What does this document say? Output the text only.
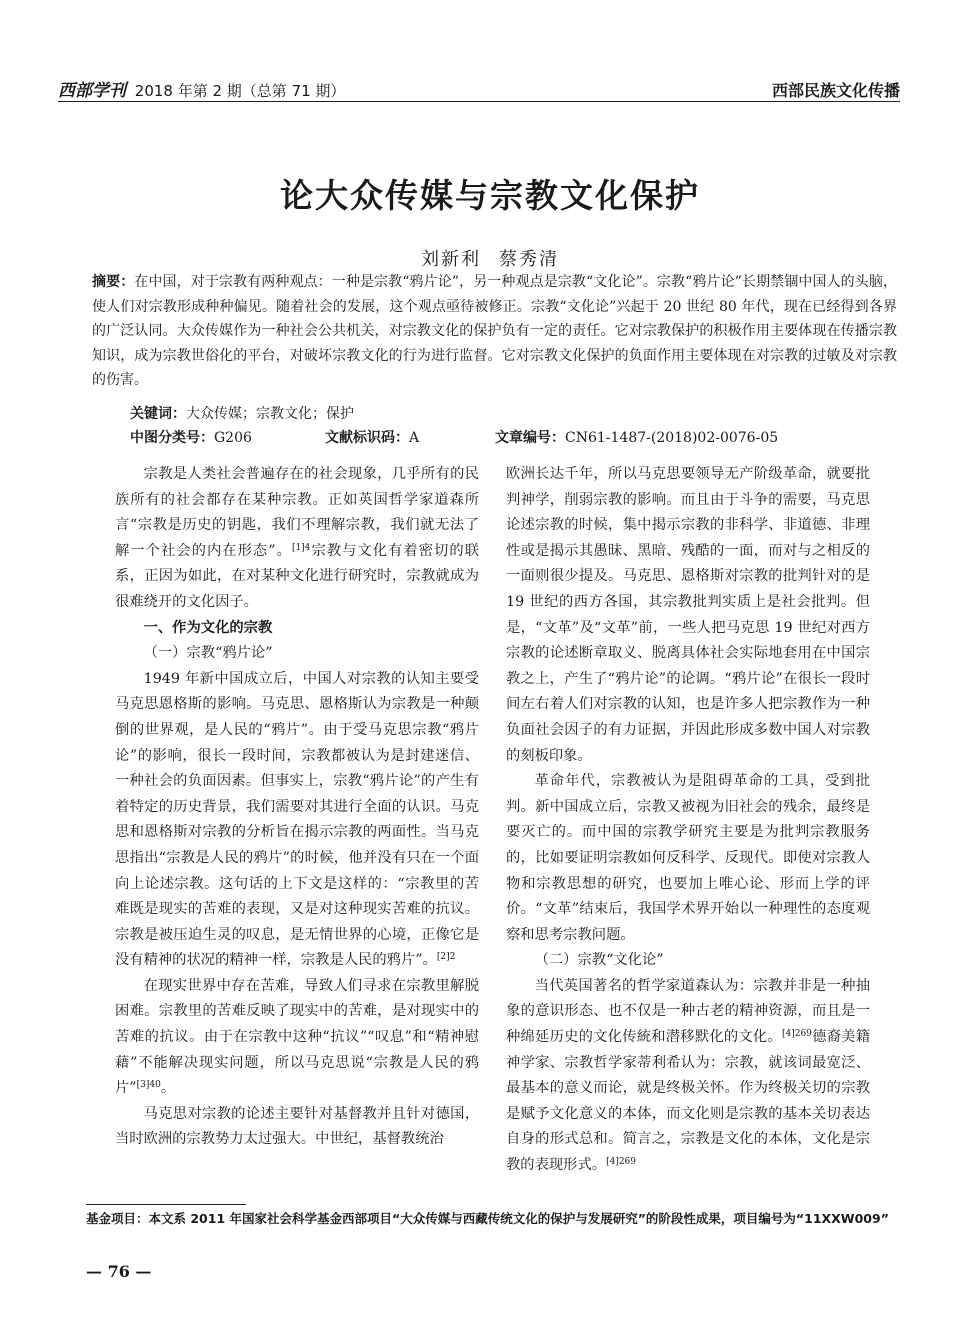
西部学刊 2018 年第 2 期（总第 71 期）	西部民族文化传播
论大众传媒与宗教文化保护
刘新利 蔡秀清
摘要：在中国，对于宗教有两种观点：一种是宗教“鸦片论”，另一种观点是宗教“文化论”。宗教“鸦片论”长期禁锢中国人的头脑，使人们对宗教形成种种偏见。随着社会的发展，这个观点亟待被修正。宗教“文化论”兴起于 20 世纪 80 年代，现在已经得到各界的广泛认同。大众传媒作为一种社会公共机关，对宗教文化的保护负有一定的责任。它对宗教保护的积极作用主要体现在传播宗教知识，成为宗教世俗化的平台，对破坏宗教文化的行为进行监督。它对宗教文化保护的负面作用主要体现在对宗教的过敏及对宗教的伤害。
关键词：大众传媒；宗教文化；保护
中图分类号：G206	文献标识码：A	文章编号：CN61-1487-(2018)02-0076-05

宗教是人类社会普遍存在的社会现象，几乎所有的民族所有的社会都存在某种宗教。正如英国哲学家道森所言“宗教是历史的钥匙，我们不理解宗教，我们就无法了解一个社会的内在形态”。$^{[1]4}$宗教与文化有着密切的联系，正因为如此，在对某种文化进行研究时，宗教就成为很难绕开的文化因子。

一、作为文化的宗教
（一）宗教“鸦片论”

1949 年新中国成立后，中国人对宗教的认知主要受马克思恩格斯的影响。马克思、恩格斯认为宗教是一种颠倒的世界观，是人民的“鸦片”。由于受马克思宗教“鸦片论”的影响，很长一段时间，宗教都被认为是封建迷信、一种社会的负面因素。但事实上，宗教“鸦片论”的产生有着特定的历史背景，我们需要对其进行全面的认识。马克思和恩格斯对宗教的分析旨在揭示宗教的两面性。当马克思指出“宗教是人民的鸦片”的时候，他并没有只在一个面向上论述宗教。这句话的上下文是这样的：“宗教里的苦难既是现实的苦难的表现，又是对这种现实苦难的抗议。宗教是被压迫生灵的叹息，是无情世界的心境，正像它是没有精神的状况的精神一样，宗教是人民的鸦片”。$^{[2]2}$

在现实世界中存在苦难，导致人们寻求在宗教里解脱困难。宗教里的苦难反映了现实中的苦难，是对现实中的苦难的抗议。由于在宗教中这种“抗议”“叹息”和“精神慰藉”不能解决现实问题，所以马克思说“宗教是人民的鸦片”$^{[3]40}$。

马克思对宗教的论述主要针对基督教并且针对德国，当时欧洲的宗教势力太过强大。中世纪，基督教统治

欧洲长达千年，所以马克思要领导无产阶级革命，就要批判神学，削弱宗教的影响。而且由于斗争的需要，马克思论述宗教的时候，集中揭示宗教的非科学、非道德、非理性或是揭示其愚昧、黑暗、残酷的一面，而对与之相反的一面则很少提及。马克思、恩格斯对宗教的批判针对的是 19 世纪的西方各国，其宗教批判实质上是社会批判。但是，“文革”及“文革”前，一些人把马克思 19 世纪对西方宗教的论述断章取义、脱离具体社会实际地套用在中国宗教之上，产生了“鸦片论”的论调。“鸦片论”在很长一段时间左右着人们对宗教的认知，也是许多人把宗教作为一种负面社会因子的有力证据，并因此形成多数中国人对宗教的刻板印象。

革命年代，宗教被认为是阻碍革命的工具，受到批判。新中国成立后，宗教又被视为旧社会的残余，最终是要灭亡的。而中国的宗教学研究主要是为批判宗教服务的，比如要证明宗教如何反科学、反现代。即使对宗教人物和宗教思想的研究，也要加上唯心论、形而上学的评价。“文革”结束后，我国学术界开始以一种理性的态度观察和思考宗教问题。

（二）宗教“文化论”

当代英国著名的哲学家道森认为：宗教并非是一种抽象的意识形态、也不仅是一种古老的精神资源，而且是一种绵延历史的文化传統和潜移默化的文化。$^{[4]269}$德裔美籍神学家、宗教哲学家蒂利希认为：宗教，就该词最宽泛、最基本的意义而论，就是终极关怀。作为终极关切的宗教是赋予文化意义的本体，而文化则是宗教的基本关切表达自身的形式总和。简言之，宗教是文化的本体，文化是宗教的表现形式。$^{[4]269}$

基金项目：本文系 2011 年国家社会科学基金西部项目“大众传媒与西藏传统文化的保护与发展研究”的阶段性成果，项目编号为“11XXW009”
— 76 —
